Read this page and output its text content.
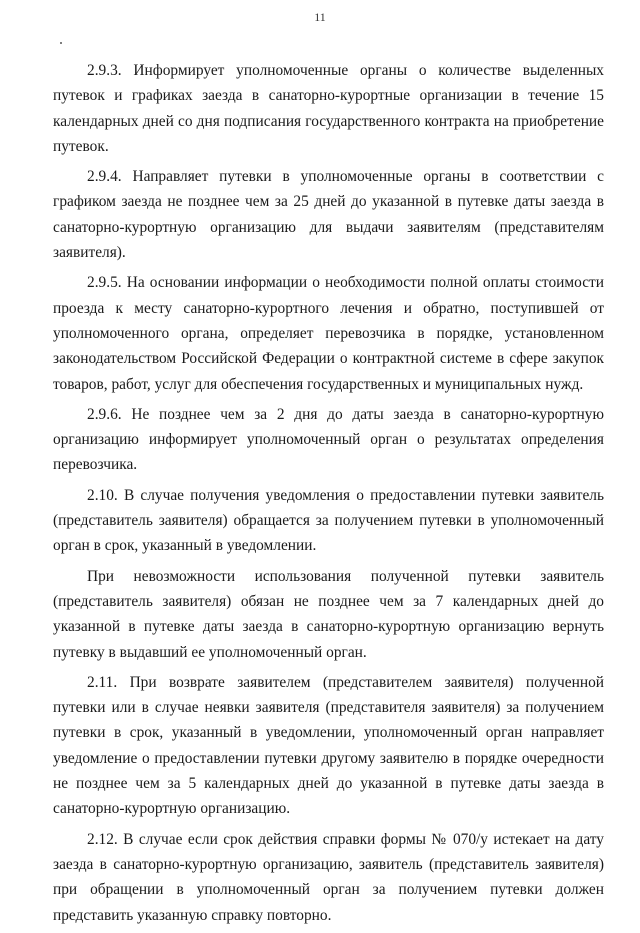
11

2.9.3. Информирует уполномоченные органы о количестве выделенных путевок и графиках заезда в санаторно-курортные организации в течение 15 календарных дней со дня подписания государственного контракта на приобретение путевок.

2.9.4. Направляет путевки в уполномоченные органы в соответствии с графиком заезда не позднее чем за 25 дней до указанной в путевке даты заезда в санаторно-курортную организацию для выдачи заявителям (представителям заявителя).

2.9.5. На основании информации о необходимости полной оплаты стоимости проезда к месту санаторно-курортного лечения и обратно, поступившей от уполномоченного органа, определяет перевозчика в порядке, установленном законодательством Российской Федерации о контрактной системе в сфере закупок товаров, работ, услуг для обеспечения государственных и муниципальных нужд.

2.9.6. Не позднее чем за 2 дня до даты заезда в санаторно-курортную организацию информирует уполномоченный орган о результатах определения перевозчика.

2.10. В случае получения уведомления о предоставлении путевки заявитель (представитель заявителя) обращается за получением путевки в уполномоченный орган в срок, указанный в уведомлении.

При невозможности использования полученной путевки заявитель (представитель заявителя) обязан не позднее чем за 7 календарных дней до указанной в путевке даты заезда в санаторно-курортную организацию вернуть путевку в выдавший ее уполномоченный орган.

2.11. При возврате заявителем (представителем заявителя) полученной путевки или в случае неявки заявителя (представителя заявителя) за получением путевки в срок, указанный в уведомлении, уполномоченный орган направляет уведомление о предоставлении путевки другому заявителю в порядке очередности не позднее чем за 5 календарных дней до указанной в путевке даты заезда в санаторно-курортную организацию.

2.12. В случае если срок действия справки формы № 070/у истекает на дату заезда в санаторно-курортную организацию, заявитель (представитель заявителя) при обращении в уполномоченный орган за получением путевки должен представить указанную справку повторно.
